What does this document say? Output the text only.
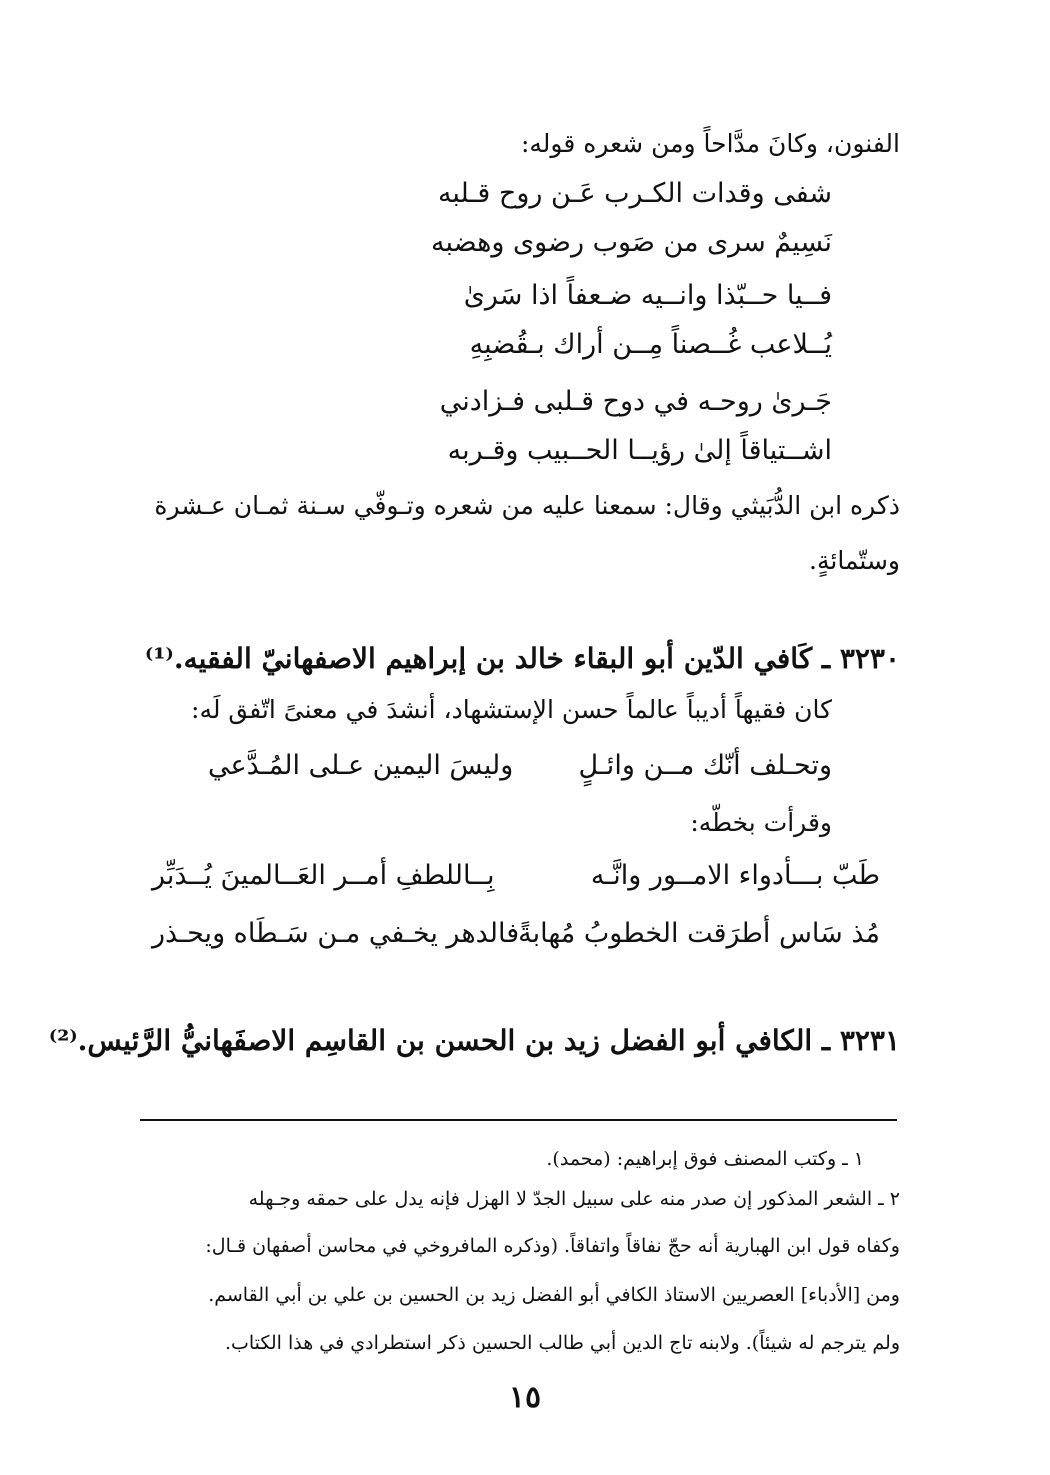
الفنون، وكانَ مدَّاحاً ومن شعره قوله:
شفى وقدات الكـرب عَـن روح قـلبه
نَسِيمٌ سرى من صَوب رضوى وهضبه
فــيا حــبّذا وانــيه ضـعفاً اذا سَرىٰ
يُــلاعب غُــصناً مِــن أراك بـقُضبِهِ
جَـرىٰ روحـه في دوح قـلبى فـزادني
اشــتياقاً إلىٰ رؤيــا الحــبيب وقـربه
ذكره ابن الدُّبَيثي وقال: سمعنا عليه من شعره وتـوفّي سـنة ثمـان عـشرة
وستّمائةٍ.
٣٢٣٠ ـ كَافي الدّين أبو البقاء خالد بن إبراهيم الاصفهانيّ الفقيه.⁽¹⁾
كان فقيهاً أديباً عالماً حسن الإستشهاد، أنشدَ في معنىً اتّفق لَه:
وتحـلف أنّك مــن وائـلٍ
وليسَ اليمين عـلى المُـدَّعي
وقرأت بخطّه:
طَبّ بـــأدواء الامــور وانَّـه
بِــاللطفِ أمــر العَــالمينَ يُــدَبِّر
مُذ سَاس أطرَقت الخطوبُ مُهابةً
فالدهر يخـفي مـن سَـطَاه ويحـذر
٣٢٣١ ـ الكافي أبو الفضل زيد بن الحسن بن القاسِم الاصفَهانيُّ الرَّئيس.⁽²⁾
١ ـ وكتب المصنف فوق إبراهيم: (محمد).
٢ ـ الشعر المذكور إن صدر منه على سبيل الجدّ لا الهزل فإنه يدل على حمقه وجـهله
وكفاه قول ابن الهبارية أنه حجّ نفاقاً واتفاقاً. (وذكره المافروخي في محاسن أصفهان قـال:
ومن [الأدباء] العصريين الاستاذ الكافي أبو الفضل زيد بن الحسين بن علي بن أبي القاسم.
ولم يترجم له شيئاً). ولابنه تاج الدين أبي طالب الحسين ذكر استطرادي في هذا الكتاب.
١٥
